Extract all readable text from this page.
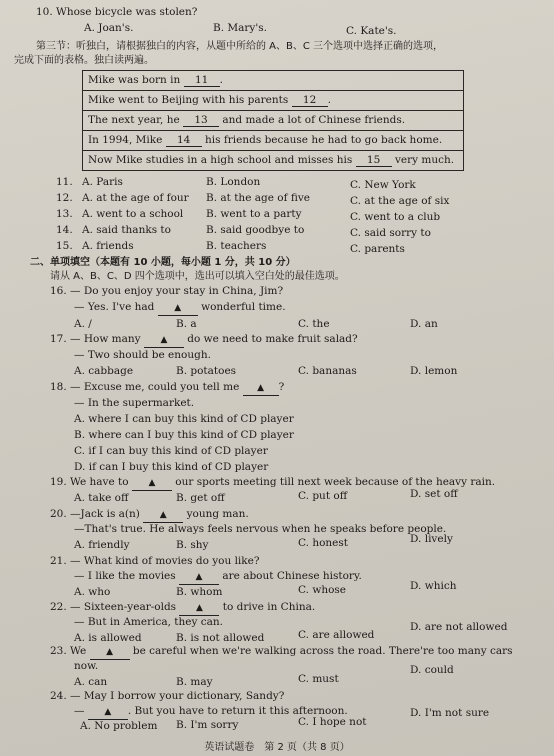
10. Whose bicycle was stolen?
A. Joan's.	B. Mary's.	C. Kate's.
第三节：听独白，请根据独白的内容，从题中所给的 A、B、C 三个选项中选择正确的选项，
完成下面的表格。独白读两遍。
Mike was born in 11 .
Mike went to Beijing with his parents 12 .
The next year, he 13 and made a lot of Chinese friends.
In 1994, Mike 14 his friends because he had to go back home.
Now Mike studies in a high school and misses his 15 very much.
11. A. Paris	B. London	C. New York
12. A. at the age of four B. at the age of five	C. at the age of six
13. A. went to a school B. went to a party	C. went to a club
14. A. said thanks to	B. said goodbye to	C. said sorry to
15. A. friends	B. teachers	C. parents
二、单项填空（本题有 10 小题，每小题 1 分，共 10 分）
请从 A、B、C、D 四个选项中，选出可以填入空白处的最佳选项。
16. — Do you enjoy your stay in China, Jim?
— Yes. I've had ▲ wonderful time.
A. /	B. a	C. the	D. an
17. — How many ▲ do we need to make fruit salad?
— Two should be enough.
A. cabbage	B. potatoes	C. bananas	D. lemon
18. — Excuse me, could you tell me ▲ ?
— In the supermarket.
A. where I can buy this kind of CD player
B. where can I buy this kind of CD player
C. if I can buy this kind of CD player
D. if can I buy this kind of CD player
19. We have to ▲ our sports meeting till next week because of the heavy rain.
A. take off	B. get off	C. put off	D. set off
20. —Jack is a(n) ▲ young man.
—That's true. He always feels nervous when he speaks before people.
A. friendly	B. shy	C. honest	D. lively
21. — What kind of movies do you like?
— I like the movies ▲ are about Chinese history.
A. who	B. whom	C. whose	D. which
22. — Sixteen-year-olds ▲ to drive in China.
— But in America, they can.
A. is allowed	B. is not allowed	C. are allowed
D. are not allowed
23. We ▲ be careful when we're walking across the road. There're too many cars
now.
A. can	B. may	C. must
D. could
24. — May I borrow your dictionary, Sandy?
— ▲ . But you have to return it this afternoon.
A. No problem B. I'm sorry	C. I hope not
D. I'm not sure
英语试题卷　第 2 页（共 8 页）
